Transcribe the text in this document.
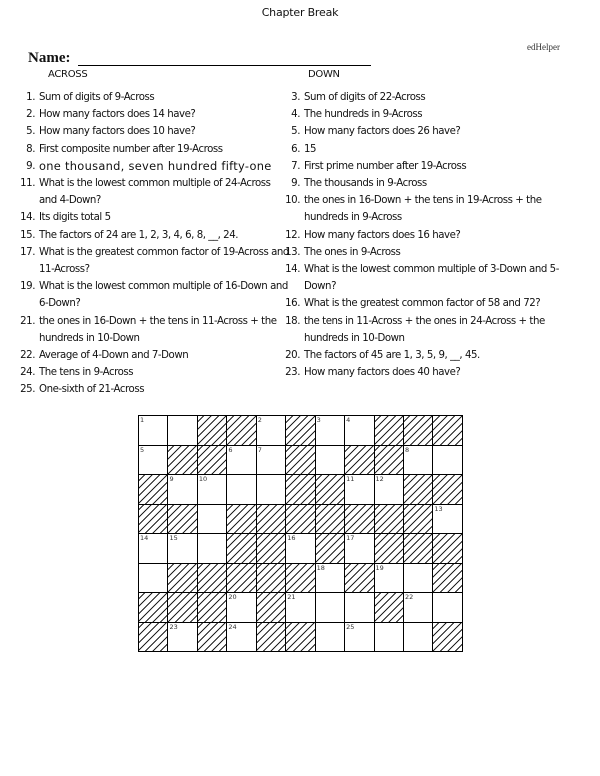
Chapter Break
edHelper
Name:
ACROSS	DOWN
1. Sum of digits of 9-Across
2. How many factors does 14 have?
5. How many factors does 10 have?
8. First composite number after 19-Across
9. one thousand, seven hundred fifty-one
11. What is the lowest common multiple of 24-Across and 4-Down?
14. Its digits total 5
15. The factors of 24 are 1, 2, 3, 4, 6, 8, __, 24.
17. What is the greatest common factor of 19-Across and 11-Across?
19. What is the lowest common multiple of 16-Down and 6-Down?
21. the ones in 16-Down + the tens in 11-Across + the hundreds in 10-Down
22. Average of 4-Down and 7-Down
24. The tens in 9-Across
25. One-sixth of 21-Across
3. Sum of digits of 22-Across
4. The hundreds in 9-Across
5. How many factors does 26 have?
6. 15
7. First prime number after 19-Across
9. The thousands in 9-Across
10. the ones in 16-Down + the tens in 19-Across + the hundreds in 9-Across
12. How many factors does 16 have?
13. The ones in 9-Across
14. What is the lowest common multiple of 3-Down and 5-Down?
16. What is the greatest common factor of 58 and 72?
18. the tens in 11-Across + the ones in 24-Across + the hundreds in 10-Down
20. The factors of 45 are 1, 3, 5, 9, __, 45.
23. How many factors does 40 have?
1	2	3	4
5	6	7	8
9	10	11	12
13
14	15	16	17
18	19
20	21	22
23	24	25
